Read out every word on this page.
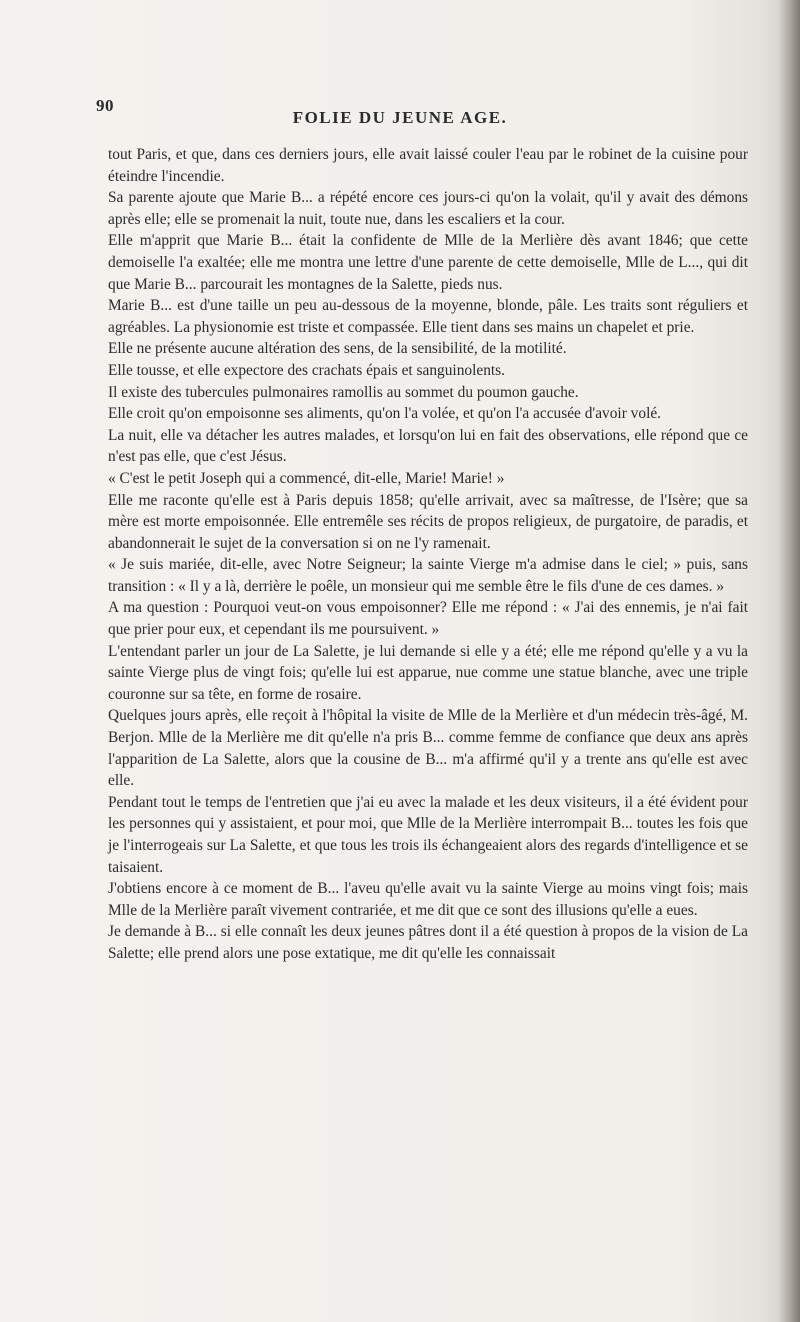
90
FOLIE DU JEUNE AGE.

tout Paris, et que, dans ces derniers jours, elle avait laissé couler l'eau par le robinet de la cuisine pour éteindre l'incendie.

Sa parente ajoute que Marie B... a répété encore ces jours-ci qu'on la volait, qu'il y avait des démons après elle; elle se promenait la nuit, toute nue, dans les escaliers et la cour.

Elle m'apprit que Marie B... était la confidente de Mlle de la Merlière dès avant 1846; que cette demoiselle l'a exaltée; elle me montra une lettre d'une parente de cette demoiselle, Mlle de L..., qui dit que Marie B... parcourait les montagnes de la Salette, pieds nus.

Marie B... est d'une taille un peu au-dessous de la moyenne, blonde, pâle. Les traits sont réguliers et agréables. La physionomie est triste et compassée. Elle tient dans ses mains un chapelet et prie.

Elle ne présente aucune altération des sens, de la sensibilité, de la motilité.

Elle tousse, et elle expectore des crachats épais et sanguinolents.

Il existe des tubercules pulmonaires ramollis au sommet du poumon gauche.

Elle croit qu'on empoisonne ses aliments, qu'on l'a volée, et qu'on l'a accusée d'avoir volé.

La nuit, elle va détacher les autres malades, et lorsqu'on lui en fait des observations, elle répond que ce n'est pas elle, que c'est Jésus.

« C'est le petit Joseph qui a commencé, dit-elle, Marie! Marie! »

Elle me raconte qu'elle est à Paris depuis 1858; qu'elle arrivait, avec sa maîtresse, de l'Isère; que sa mère est morte empoisonnée. Elle entremêle ses récits de propos religieux, de purgatoire, de paradis, et abandonnerait le sujet de la conversation si on ne l'y ramenait.

« Je suis mariée, dit-elle, avec Notre Seigneur; la sainte Vierge m'a admise dans le ciel; » puis, sans transition : « Il y a là, derrière le poêle, un monsieur qui me semble être le fils d'une de ces dames. »

A ma question : Pourquoi veut-on vous empoisonner? Elle me répond : « J'ai des ennemis, je n'ai fait que prier pour eux, et cependant ils me poursuivent. »

L'entendant parler un jour de La Salette, je lui demande si elle y a été; elle me répond qu'elle y a vu la sainte Vierge plus de vingt fois; qu'elle lui est apparue, nue comme une statue blanche, avec une triple couronne sur sa tête, en forme de rosaire.

Quelques jours après, elle reçoit à l'hôpital la visite de Mlle de la Merlière et d'un médecin très-âgé, M. Berjon. Mlle de la Merlière me dit qu'elle n'a pris B... comme femme de confiance que deux ans après l'apparition de La Salette, alors que la cousine de B... m'a affirmé qu'il y a trente ans qu'elle est avec elle.

Pendant tout le temps de l'entretien que j'ai eu avec la malade et les deux visiteurs, il a été évident pour les personnes qui y assistaient, et pour moi, que Mlle de la Merlière interrompait B... toutes les fois que je l'interrogeais sur La Salette, et que tous les trois ils échangeaient alors des regards d'intelligence et se taisaient.

J'obtiens encore à ce moment de B... l'aveu qu'elle avait vu la sainte Vierge au moins vingt fois; mais Mlle de la Merlière paraît vivement contrariée, et me dit que ce sont des illusions qu'elle a eues.

Je demande à B... si elle connaît les deux jeunes pâtres dont il a été question à propos de la vision de La Salette; elle prend alors une pose extatique, me dit qu'elle les connaissait
